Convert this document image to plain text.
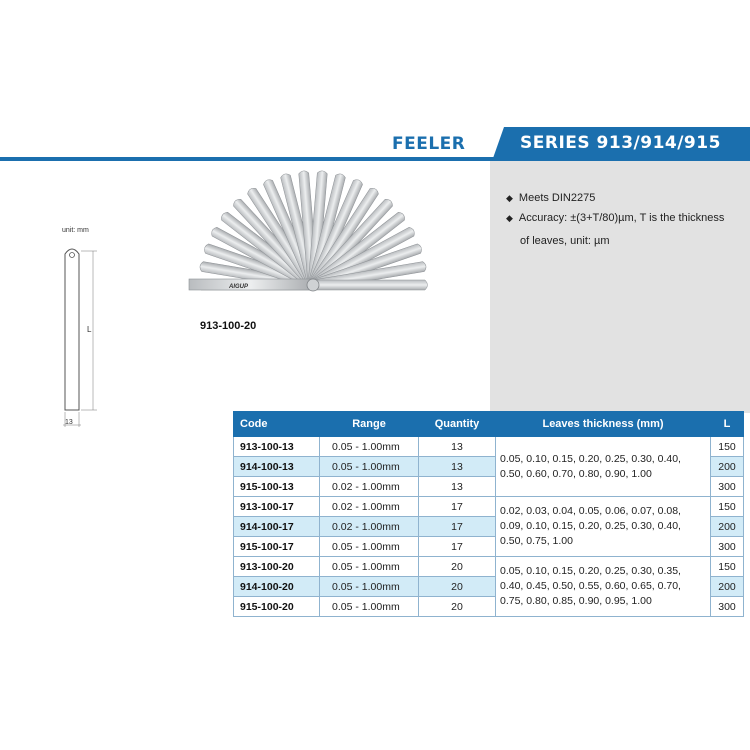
FEELER	SERIES 913/914/915
◆ Meets DIN2275
◆ Accuracy: ±(3+T/80)µm, T is the thickness
of leaves, unit: µm
unit: mm
L
13
AIGUP
913-100-20
Code	Range	Quantity	Leaves thickness (mm)	L
913-100-13	0.05 - 1.00mm	13	0.05, 0.10, 0.15, 0.20, 0.25, 0.30, 0.40, 0.50, 0.60, 0.70, 0.80, 0.90, 1.00	150
914-100-13	0.05 - 1.00mm	13		200
915-100-13	0.02 - 1.00mm	13		300
913-100-17	0.02 - 1.00mm	17	0.02, 0.03, 0.04, 0.05, 0.06, 0.07, 0.08, 0.09, 0.10, 0.15, 0.20, 0.25, 0.30, 0.40, 0.50, 0.75, 1.00	150
914-100-17	0.02 - 1.00mm	17		200
915-100-17	0.05 - 1.00mm	17		300
913-100-20	0.05 - 1.00mm	20	0.05, 0.10, 0.15, 0.20, 0.25, 0.30, 0.35, 0.40, 0.45, 0.50, 0.55, 0.60, 0.65, 0.70, 0.75, 0.80, 0.85, 0.90, 0.95, 1.00	150
914-100-20	0.05 - 1.00mm	20		200
915-100-20	0.05 - 1.00mm	20		300
